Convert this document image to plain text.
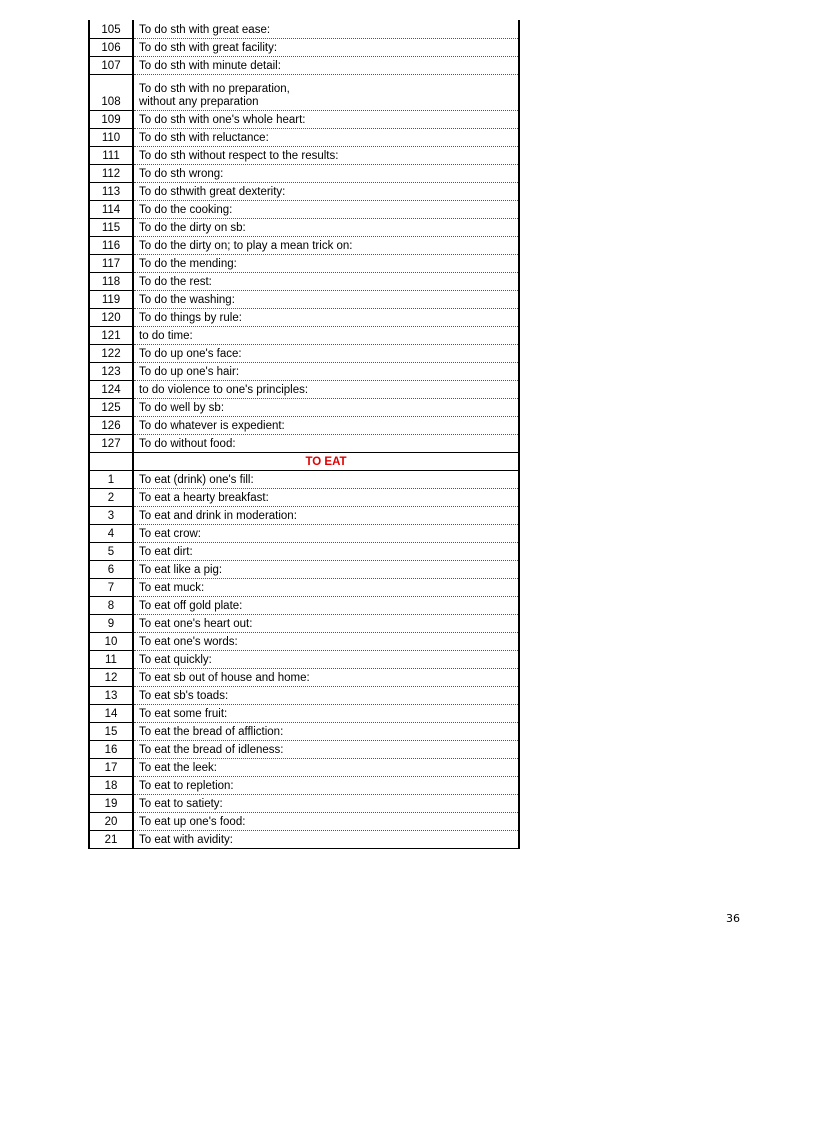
105	To do sth with great ease:
106	To do sth with great facility:
107	To do sth with minute detail:
108	To do sth with no preparation,
without any preparation

109	To do sth with one's whole heart:
110	To do sth with reluctance:
111	To do sth without respect to the results:
112	To do sth wrong:
113	To do sthwith great dexterity:
114	To do the cooking:
115	To do the dirty on sb:
116	To do the dirty on; to play a mean trick on:
117	To do the mending:
118	To do the rest:
119	To do the washing:
120	To do things by rule:
121	to do time:
122	To do up one's face:
123	To do up one's hair:
124	to do violence to one's principles:
125	To do well by sb:
126	To do whatever is expedient:
127	To do without food:
	TO EAT
1	To eat (drink) one's fill:
2	To eat a hearty breakfast:
3	To eat and drink in moderation:
4	To eat crow:
5	To eat dirt:
6	To eat like a pig:
7	To eat muck:
8	To eat off gold plate:
9	To eat one's heart out:
10	To eat one's words:
11	To eat quickly:
12	To eat sb out of house and home:
13	To eat sb's toads:
14	To eat some fruit:
15	To eat the bread of affliction:
16	To eat the bread of idleness:
17	To eat the leek:
18	To eat to repletion:
19	To eat to satiety:
20	To eat up one's food:
21	To eat with avidity:
36
